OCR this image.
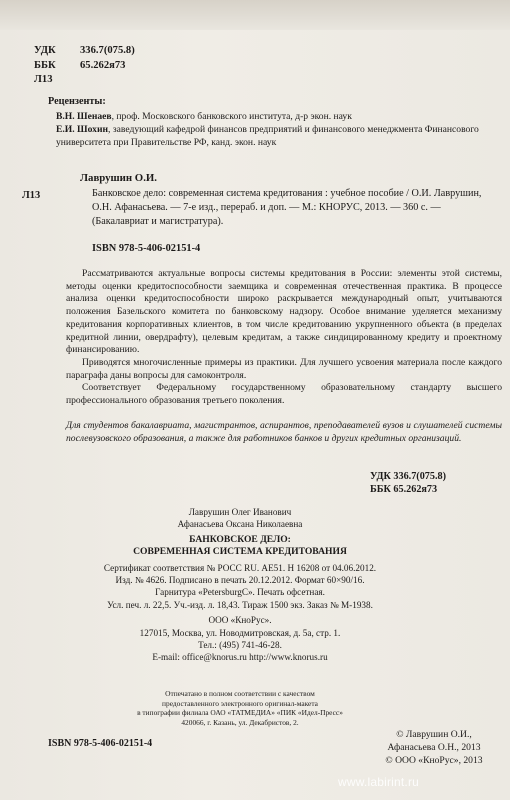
УДК	336.7(075.8)
ББК	65.262я73
Л13
Рецензенты:
В.Н. Шенаев, проф. Московского банковского института, д-р экон. наук
Е.И. Шохин, заведующий кафедрой финансов предприятий и финансового менеджмента Финансового университета при Правительстве РФ, канд. экон. наук
Лаврушин О.И.
Л13	Банковское дело: современная система кредитования : учебное пособие / О.И. Лаврушин, О.Н. Афанасьева. — 7-е изд., перераб. и доп. — М.: КНОРУС, 2013. — 360 с. — (Бакалавриат и магистратура).
ISBN 978-5-406-02151-4

Рассматриваются актуальные вопросы системы кредитования в России: элементы этой системы, методы оценки кредитоспособности заемщика и современная отечественная практика. В процессе анализа оценки кредитоспособности широко раскрывается международный опыт, учитываются положения Базельского комитета по банковскому надзору. Особое внимание уделяется механизму кредитования корпоративных клиентов, в том числе кредитованию укрупненного объекта (в пределах кредитной линии, овердрафту), целевым кредитам, а также синдицированному кредиту и проектному финансированию.

Приводятся многочисленные примеры из практики. Для лучшего усвоения материала после каждого параграфа даны вопросы для самоконтроля.

Соответствует Федеральному государственному образовательному стандарту высшего профессионального образования третьего поколения.

Для студентов бакалавриата, магистрантов, аспирантов, преподавателей вузов и слушателей системы послевузовского образования, а также для работников банков и других кредитных организаций.
УДК 336.7(075.8)
ББК 65.262я73
Лаврушин Олег Иванович
Афанасьева Оксана Николаевна
БАНКОВСКОЕ ДЕЛО:
СОВРЕМЕННАЯ СИСТЕМА КРЕДИТОВАНИЯ
Сертификат соответствия № РОСС RU. АЕ51. Н 16208 от 04.06.2012.
Изд. № 4626. Подписано в печать 20.12.2012. Формат 60×90/16.
Гарнитура «PetersburgC». Печать офсетная.
Усл. печ. л. 22,5. Уч.-изд. л. 18,43. Тираж 1500 экз. Заказ № М-1938.
ООО «КноРус».
127015, Москва, ул. Новодмитровская, д. 5а, стр. 1.
Тел.: (495) 741-46-28.
E-mail: office@knorus.ru http://www.knorus.ru
Отпечатано в полном соответствии с качеством
предоставленного электронного оригинал-макета
в типографии филиала ОАО «ТАТМЕДИА» «ПИК «Идел-Пресс»
420066, г. Казань, ул. Декабристов, 2.
ISBN 978-5-406-02151-4
© Лаврушин О.И.,
Афанасьева О.Н., 2013
© ООО «КноРус», 2013
www.labirint.ru
